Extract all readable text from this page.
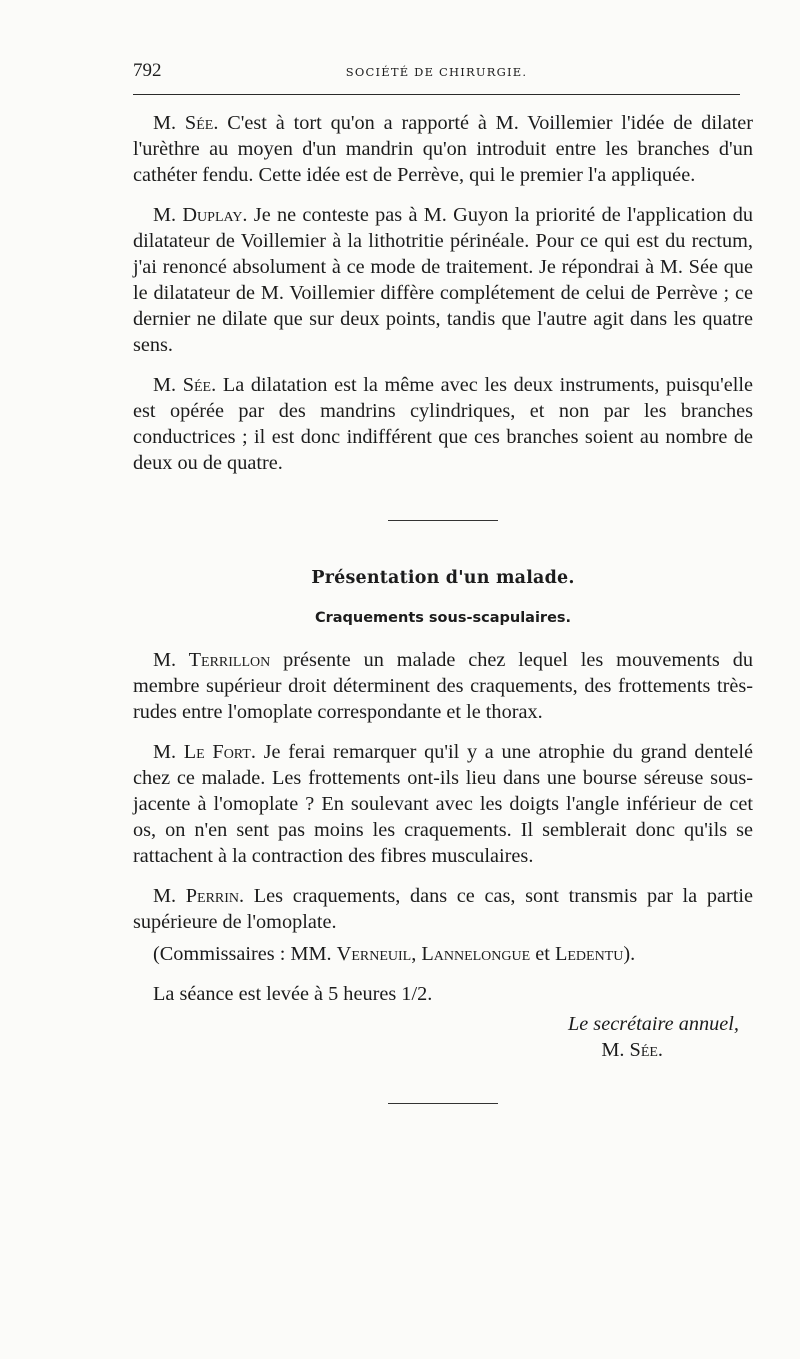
792	SOCIÉTÉ DE CHIRURGIE.

M. Sée. C'est à tort qu'on a rapporté à M. Voillemier l'idée de dilater l'urèthre au moyen d'un mandrin qu'on introduit entre les branches d'un cathéter fendu. Cette idée est de Perrève, qui le premier l'a appliquée.

M. Duplay. Je ne conteste pas à M. Guyon la priorité de l'application du dilatateur de Voillemier à la lithotritie périnéale. Pour ce qui est du rectum, j'ai renoncé absolument à ce mode de traitement. Je répondrai à M. Sée que le dilatateur de M. Voillemier diffère complétement de celui de Perrève ; ce dernier ne dilate que sur deux points, tandis que l'autre agit dans les quatre sens.

M. Sée. La dilatation est la même avec les deux instruments, puisqu'elle est opérée par des mandrins cylindriques, et non par les branches conductrices ; il est donc indifférent que ces branches soient au nombre de deux ou de quatre.

Présentation d'un malade.
Craquements sous-scapulaires.

M. Terrillon présente un malade chez lequel les mouvements du membre supérieur droit déterminent des craquements, des frottements très-rudes entre l'omoplate correspondante et le thorax.

M. Le Fort. Je ferai remarquer qu'il y a une atrophie du grand dentelé chez ce malade. Les frottements ont-ils lieu dans une bourse séreuse sous-jacente à l'omoplate ? En soulevant avec les doigts l'angle inférieur de cet os, on n'en sent pas moins les craquements. Il semblerait donc qu'ils se rattachent à la contraction des fibres musculaires.

M. Perrin. Les craquements, dans ce cas, sont transmis par la partie supérieure de l'omoplate.

(Commissaires : MM. Verneuil, Lannelongue et Ledentu).

La séance est levée à 5 heures 1/2.

Le secrétaire annuel,
M. Sée.
